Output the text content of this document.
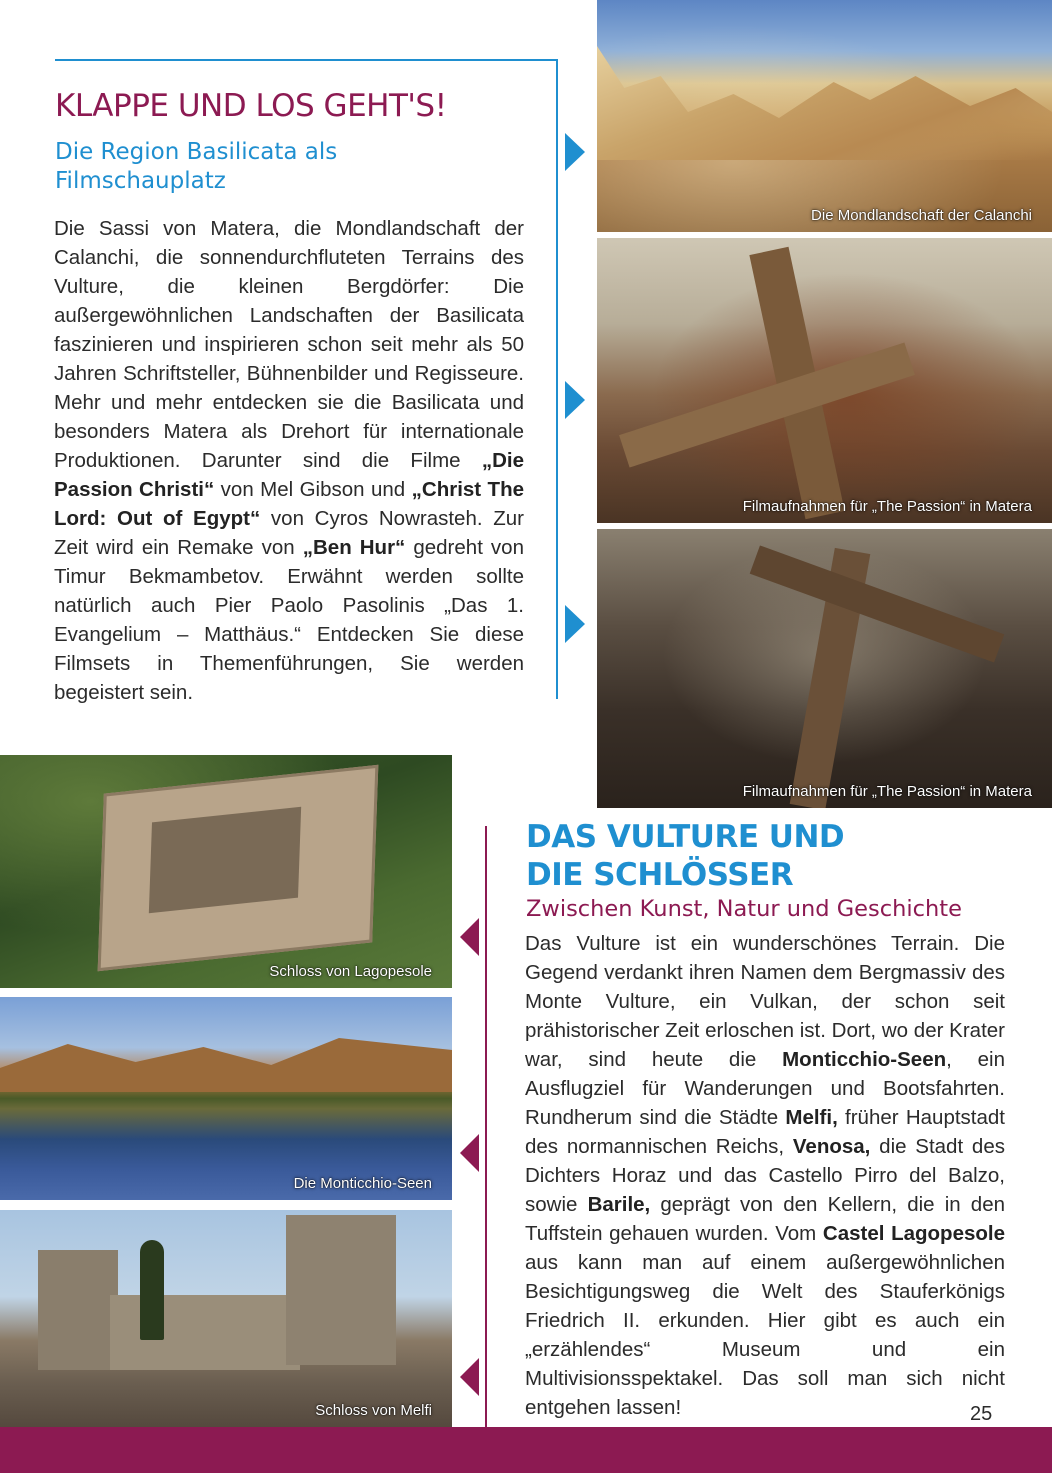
KLAPPE UND LOS GEHT'S!
Die Region Basilicata als Filmschauplatz
Die Sassi von Matera, die Mondlandschaft der Calanchi, die sonnendurchfluteten Terrains des Vulture, die kleinen Bergdörfer: Die außergewöhnlichen Landschaften der Basilicata faszinieren und inspirieren schon seit mehr als 50 Jahren Schriftsteller, Bühnenbilder und Regisseure. Mehr und mehr entdecken sie die Basilicata und besonders Matera als Drehort für internationale Produktionen. Darunter sind die Filme „Die Passion Christi“ von Mel Gibson und „Christ The Lord: Out of Egypt“ von Cyros Nowrasteh. Zur Zeit wird ein Remake von „Ben Hur“ gedreht von Timur Bekmambetov. Erwähnt werden sollte natürlich auch Pier Paolo Pasolinis „Das 1. Evangelium – Matthäus.“ Entdecken Sie diese Filmsets in Themenführungen, Sie werden begeistert sein.
Die Mondlandschaft der Calanchi
Filmaufnahmen für „The Passion“ in Matera
Filmaufnahmen für „The Passion“ in Matera
Schloss von Lagopesole
Die Monticchio-Seen
Schloss von Melfi
DAS VULTURE UND
DIE SCHLÖSSER
Zwischen Kunst, Natur und Geschichte
Das Vulture ist ein wunderschönes Terrain. Die Gegend verdankt ihren Namen dem Bergmassiv des Monte Vulture, ein Vulkan, der schon seit prähistorischer Zeit erloschen ist. Dort, wo der Krater war, sind heute die Monticchio-Seen, ein Ausflugziel für Wanderungen und Bootsfahrten. Rundherum sind die Städte Melfi, früher Hauptstadt des normannischen Reichs, Venosa, die Stadt des Dichters Horaz und das Castello Pirro del Balzo, sowie Barile, geprägt von den Kellern, die in den Tuffstein gehauen wurden. Vom Castel Lagopesole aus kann man auf einem außergewöhnlichen Besichtigungsweg die Welt des Stauferkönigs Friedrich II. erkunden. Hier gibt es auch ein „erzählendes“ Museum und ein Multivisionsspektakel. Das soll man sich nicht entgehen lassen!	25
